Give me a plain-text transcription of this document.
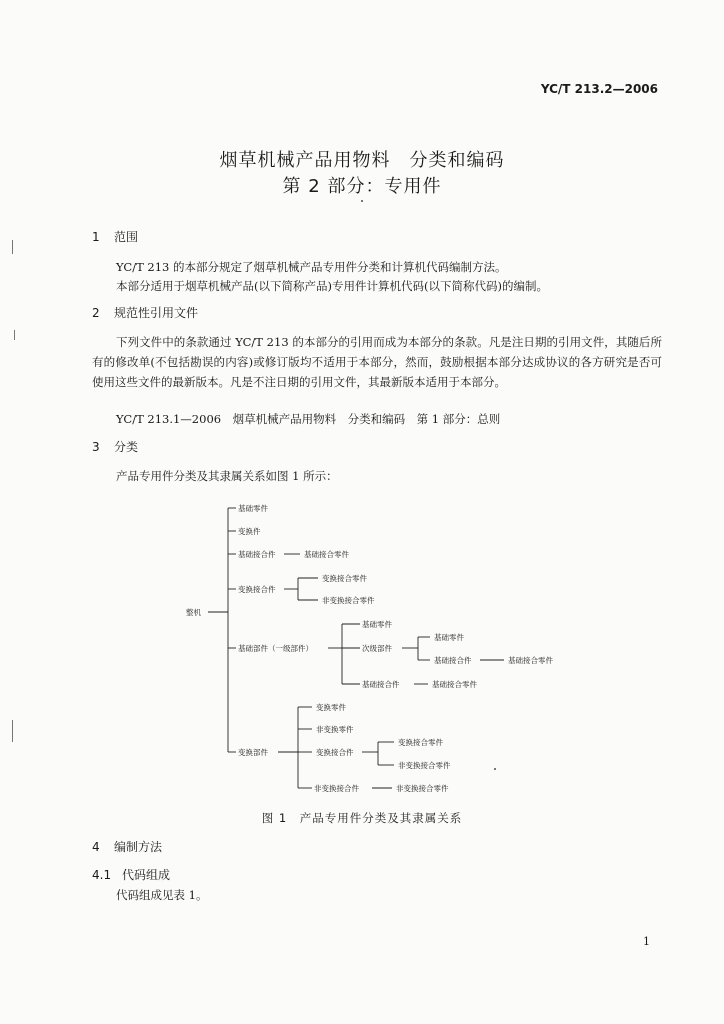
YC/T 213.2—2006
烟草机械产品用物料　分类和编码
第 2 部分：专用件
1 范围
YC/T 213 的本部分规定了烟草机械产品专用件分类和计算机代码编制方法。
本部分适用于烟草机械产品(以下简称产品)专用件计算机代码(以下简称代码)的编制。
2 规范性引用文件
下列文件中的条款通过 YC/T 213 的本部分的引用而成为本部分的条款。凡是注日期的引用文件，其随后所有的修改单(不包括勘误的内容)或修订版均不适用于本部分，然而，鼓励根据本部分达成协议的各方研究是否可使用这些文件的最新版本。凡是不注日期的引用文件，其最新版本适用于本部分。
YC/T 213.1—2006　烟草机械产品用物料　分类和编码　第 1 部分：总则
3 分类
产品专用件分类及其隶属关系如图 1 所示：
整机
基础零件
变换件
基础接合件	基础接合零件
变换接合件
变换接合零件
非变换接合零件
基础部件（一级部件）
基础零件
次级部件
基础零件
基础接合件	基础接合零件
基础接合件	基础接合零件
变换部件
变换零件
非变换零件
变换接合件
变换接合零件
非变换接合零件
非变换接合件	非变换接合零件
图 1　产品专用件分类及其隶属关系
4 编制方法
4.1 代码组成
代码组成见表 1。
1
